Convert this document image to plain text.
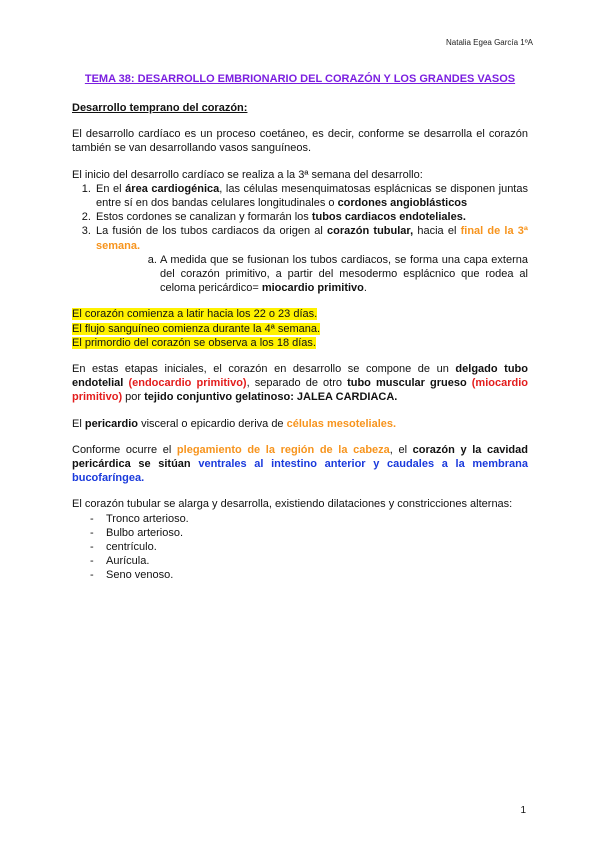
Natalia Egea García 1ºA
TEMA 38: DESARROLLO EMBRIONARIO DEL CORAZÓN Y LOS GRANDES VASOS
Desarrollo temprano del corazón:

El desarrollo cardíaco es un proceso coetáneo, es decir, conforme se desarrolla el corazón también se van desarrollando vasos sanguíneos.

El inicio del desarrollo cardíaco se realiza a la 3ª semana del desarrollo:
1. En el área cardiogénica, las células mesenquimatosas esplácnicas se disponen juntas entre sí en dos bandas celulares longitudinales o cordones angioblásticos
2. Estos cordones se canalizan y formarán los tubos cardiacos endoteliales.
3. La fusión de los tubos cardiacos da origen al corazón tubular, hacia el final de la 3ª semana.
a. A medida que se fusionan los tubos cardiacos, se forma una capa externa del corazón primitivo, a partir del mesodermo esplácnico que rodea al celoma pericárdico= miocardio primitivo.
El corazón comienza a latir hacia los 22 o 23 días.
El flujo sanguíneo comienza durante la 4ª semana.
El primordio del corazón se observa a los 18 días.

En estas etapas iniciales, el corazón en desarrollo se compone de un delgado tubo endotelial (endocardio primitivo), separado de otro tubo muscular grueso (miocardio primitivo) por tejido conjuntivo gelatinoso: JALEA CARDIACA.

El pericardio visceral o epicardio deriva de células mesoteliales.

Conforme ocurre el plegamiento de la región de la cabeza, el corazón y la cavidad pericárdica se sitúan ventrales al intestino anterior y caudales a la membrana bucofaríngea.

El corazón tubular se alarga y desarrolla, existiendo dilataciones y constricciones alternas:
- Tronco arterioso.
- Bulbo arterioso.
- centrículo.
- Aurícula.
- Seno venoso.
1
